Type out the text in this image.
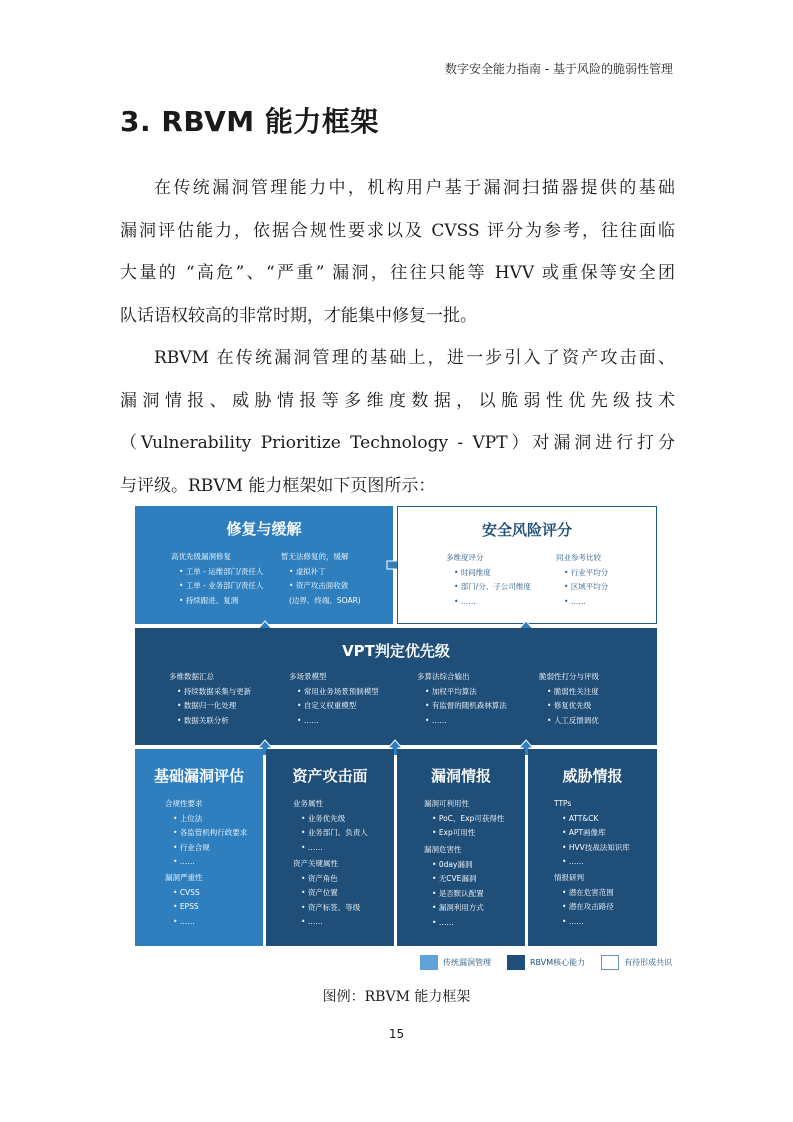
数字安全能力指南 - 基于风险的脆弱性管理
3. RBVM 能力框架
在传统漏洞管理能力中，机构用户基于漏洞扫描器提供的基础
漏洞评估能力，依据合规性要求以及 CVSS 评分为参考，往往面临
大量的 “高危”、“严重” 漏洞，往往只能等 HVV 或重保等安全团
队话语权较高的非常时期，才能集中修复一批。
RBVM 在传统漏洞管理的基础上，进一步引入了资产攻击面、
漏洞情报、威胁情报等多维度数据，以脆弱性优先级技术
（Vulnerability Prioritize Technology - VPT）对漏洞进行打分
与评级。RBVM 能力框架如下页图所示：
修复与缓解
高优先级漏洞修复
• 工单 - 运维部门/责任人
• 工单 - 业务部门/责任人
• 持续跟进、复测
暂无法修复的，缓解
• 虚拟补丁
• 资产攻击面收敛
(边界、终端、SOAR)
安全风险评分
多维度评分
• 时间维度
• 部门/分、子公司维度
• ……
同业参考比较
• 行业平均分
• 区域平均分
• ……
VPT判定优先级
多维数据汇总
• 持续数据采集与更新
• 数据归一化处理
• 数据关联分析
多场景模型
• 常用业务场景预制模型
• 自定义权重模型
• ……
多算法综合输出
• 加权平均算法
• 有监督的随机森林算法
• ……
脆弱性打分与评级
• 脆弱性关注度
• 修复优先级
• 人工反馈调优
基础漏洞评估
合规性要求
• 上位法
• 各监管机构行政要求
• 行业合规
• ……
漏洞严重性
• CVSS
• EPSS
• ……
资产攻击面
业务属性
• 业务优先级
• 业务部门、负责人
• ……
资产关键属性
• 资产角色
• 资产位置
• 资产标签、等级
• ……
漏洞情报
漏洞可利用性
• PoC、Exp可获得性
• Exp可用性
漏洞危害性
• 0day漏洞
• 无CVE漏洞
• 是否默认配置
• 漏洞利用方式
• ……
威胁情报
TTPs
• ATT&CK
• APT画像库
• HVV技战法知识库
• ……
情报研判
• 潜在危害范围
• 潜在攻击路径
• ……
传统漏洞管理	RBVM核心能力	有待形成共识
图例：RBVM 能力框架
15
